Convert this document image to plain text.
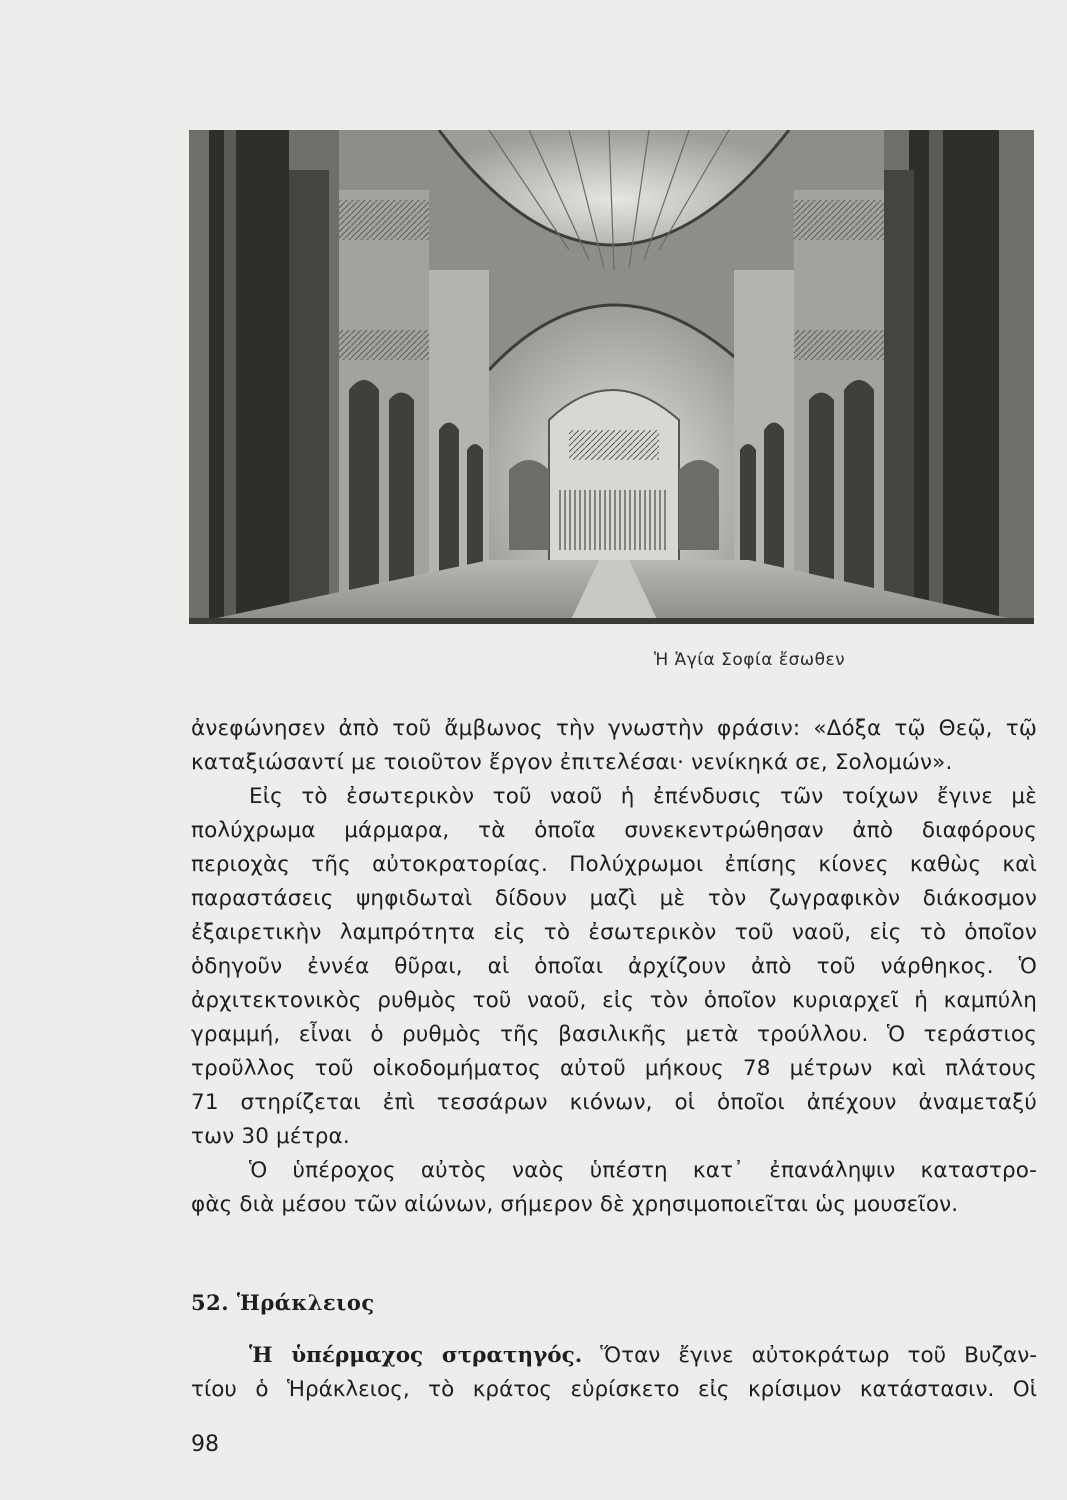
Ἡ Ἁγία Σοφία ἔσωθεν
ἀνεφώνησεν ἀπὸ τοῦ ἄμβωνος τὴν γνωστὴν φράσιν: «Δόξα τῷ Θεῷ, τῷ
καταξιώσαντί με τοιοῦτον ἔργον ἐπιτελέσαι· νενίκηκά σε, Σολομών».
Εἰς τὸ ἐσωτερικὸν τοῦ ναοῦ ἡ ἐπένδυσις τῶν τοίχων ἔγινε μὲ
πολύχρωμα μάρμαρα, τὰ ὁποῖα συνεκεντρώθησαν ἀπὸ διαφόρους
περιοχὰς τῆς αὐτοκρατορίας. Πολύχρωμοι ἐπίσης κίονες καθὼς καὶ
παραστάσεις ψηφιδωταὶ δίδουν μαζὶ μὲ τὸν ζωγραφικὸν διάκοσμον
ἐξαιρετικὴν λαμπρότητα εἰς τὸ ἐσωτερικὸν τοῦ ναοῦ, εἰς τὸ ὁποῖον
ὁδηγοῦν ἐννέα θῦραι, αἱ ὁποῖαι ἀρχίζουν ἀπὸ τοῦ νάρθηκος. Ὁ
ἀρχιτεκτονικὸς ρυθμὸς τοῦ ναοῦ, εἰς τὸν ὁποῖον κυριαρχεῖ ἡ καμπύλη
γραμμή, εἶναι ὁ ρυθμὸς τῆς βασιλικῆς μετὰ τρούλλου. Ὁ τεράστιος
τροῦλλος τοῦ οἰκοδομήματος αὐτοῦ μήκους 78 μέτρων καὶ πλάτους
71 στηρίζεται ἐπὶ τεσσάρων κιόνων, οἱ ὁποῖοι ἀπέχουν ἀναμεταξύ
των 30 μέτρα.
Ὁ ὑπέροχος αὐτὸς ναὸς ὑπέστη κατ᾿ ἐπανάληψιν καταστρο-
φὰς διὰ μέσου τῶν αἰώνων, σήμερον δὲ χρησιμοποιεῖται ὡς μουσεῖον.
52. Ἡράκλειος
Ἡ ὑπέρμαχος στρατηγός. Ὅταν ἔγινε αὐτοκράτωρ τοῦ Βυζαν-
τίου ὁ Ἡράκλειος, τὸ κράτος εὑρίσκετο εἰς κρίσιμον κατάστασιν. Οἱ
98
